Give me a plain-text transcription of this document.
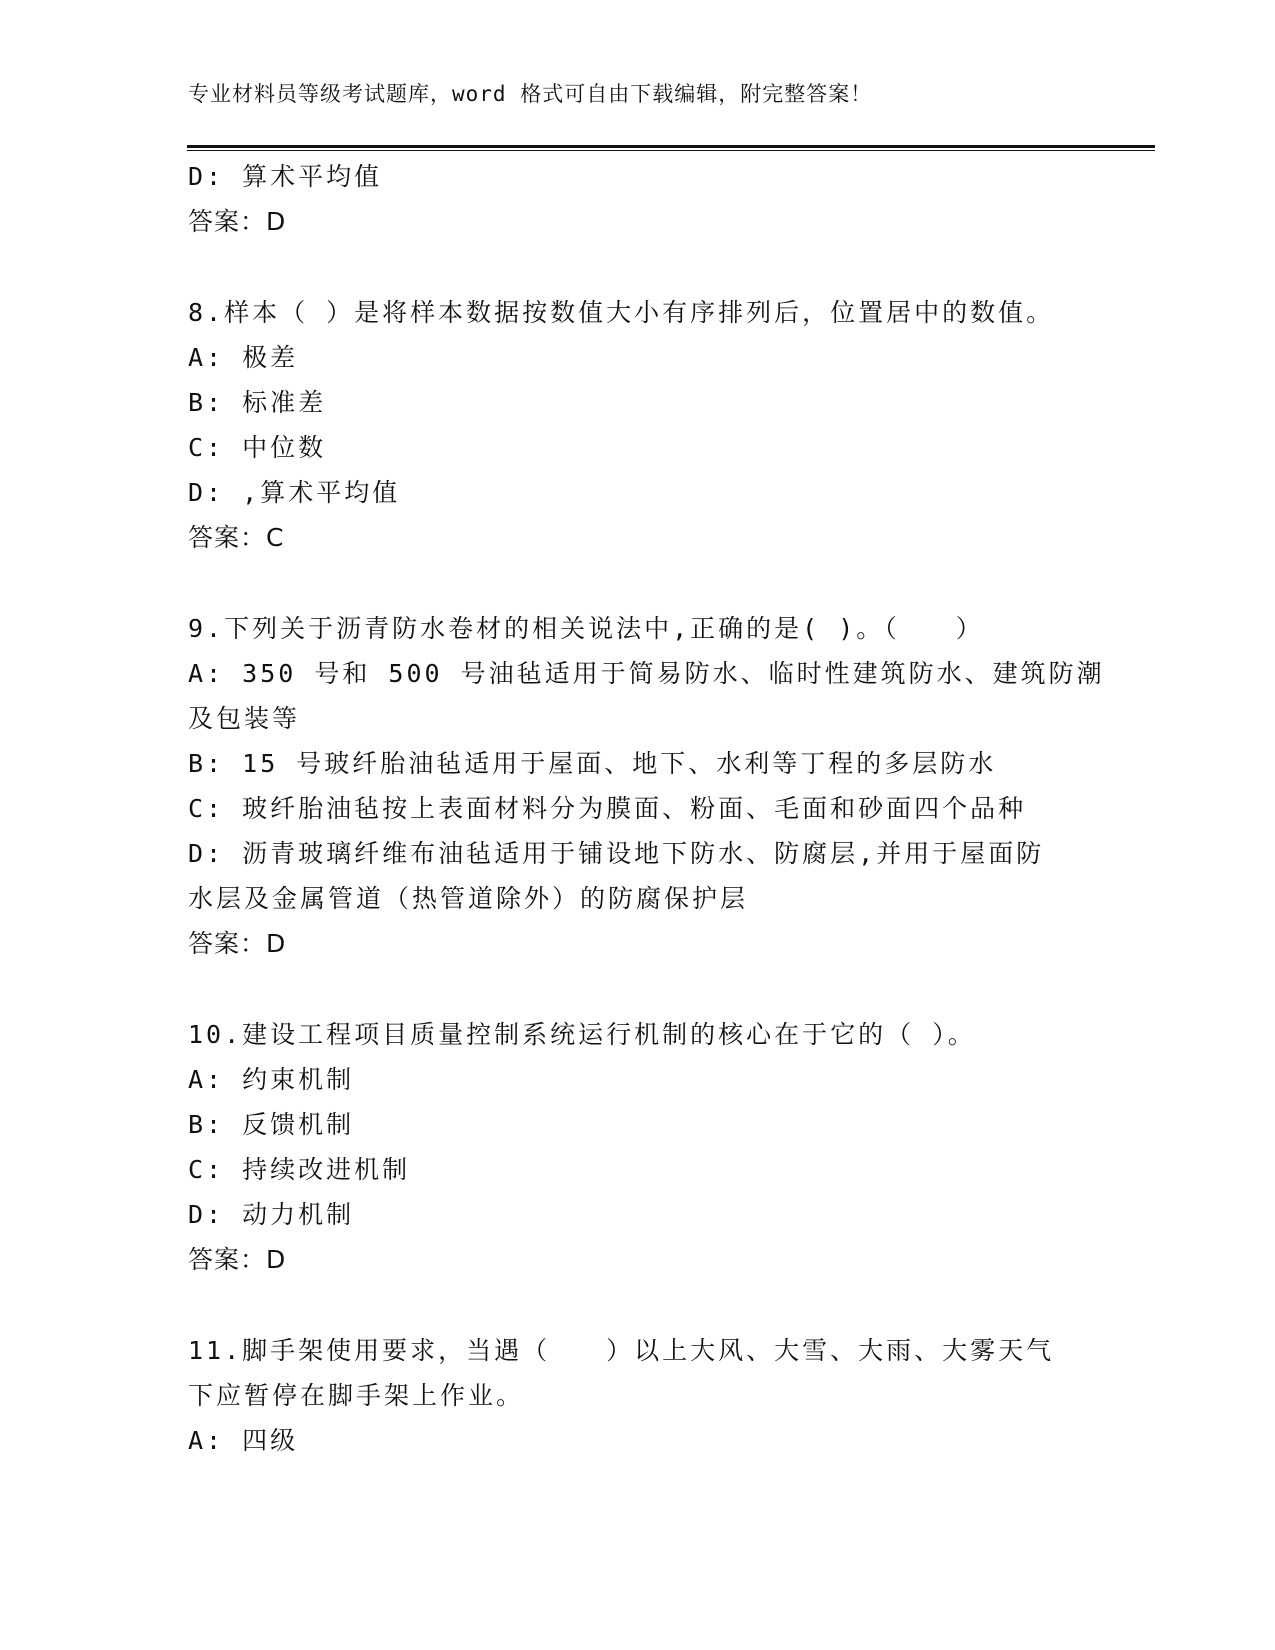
专业材料员等级考试题库，word 格式可自由下载编辑，附完整答案！
D: 算术平均值
答案：D
8.样本（ ）是将样本数据按数值大小有序排列后，位置居中的数值。
A: 极差
B: 标准差
C: 中位数
D: ,算术平均值
答案：C
9.下列关于沥青防水卷材的相关说法中,正确的是( )。（　　）
A: 350 号和 500 号油毡适用于简易防水、临时性建筑防水、建筑防潮
及包装等
B: 15 号玻纤胎油毡适用于屋面、地下、水利等丁程的多层防水
C: 玻纤胎油毡按上表面材料分为膜面、粉面、毛面和砂面四个品种
D: 沥青玻璃纤维布油毡适用于铺设地下防水、防腐层,并用于屋面防
水层及金属管道（热管道除外）的防腐保护层
答案：D
10.建设工程项目质量控制系统运行机制的核心在于它的（ ）。
A: 约束机制
B: 反馈机制
C: 持续改进机制
D: 动力机制
答案：D
11.脚手架使用要求，当遇（　　）以上大风、大雪、大雨、大雾天气
下应暂停在脚手架上作业。
A: 四级
